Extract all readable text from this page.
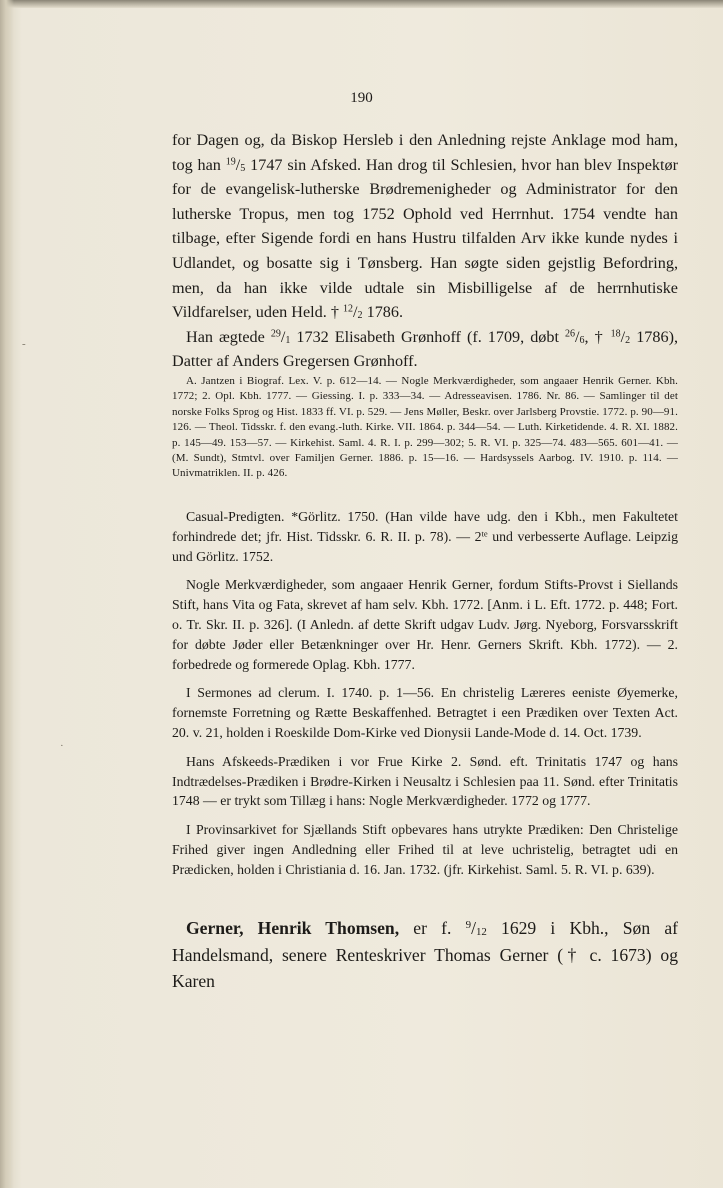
190

for Dagen og, da Biskop Hersleb i den Anledning rejste Anklage mod ham, tog han $^{19}/_5$ 1747 sin Afsked. Han drog til Schlesien, hvor han blev Inspektør for de evangelisk-lutherske Brødremenigheder og Administrator for den lutherske Tropus, men tog 1752 Ophold ved Herrnhut. 1754 vendte han tilbage, efter Sigende fordi en hans Hustru tilfalden Arv ikke kunde nydes i Udlandet, og bosatte sig i Tønsberg. Han søgte siden gejstlig Befordring, men, da han ikke vilde udtale sin Misbilligelse af de herrnhutiske Vildfarelser, uden Held. † $^{12}/_2$ 1786.

Han ægtede $^{29}/_1$ 1732 Elisabeth Grønhoff (f. 1709, døbt $^{26}/_6$, † $^{18}/_2$ 1786), Datter af Anders Gregersen Grønhoff.

A. Jantzen i Biograf. Lex. V. p. 612—14. — Nogle Merkværdigheder, som angaaer Henrik Gerner. Kbh. 1772; 2. Opl. Kbh. 1777. — Giessing. I. p. 333—34. — Adresseavisen. 1786. Nr. 86. — Samlinger til det norske Folks Sprog og Hist. 1833 ff. VI. p. 529. — Jens Møller, Beskr. over Jarlsberg Provstie. 1772. p. 90—91. 126. — Theol. Tidsskr. f. den evang.-luth. Kirke. VII. 1864. p. 344—54. — Luth. Kirketidende. 4. R. XI. 1882. p. 145—49. 153—57. — Kirkehist. Saml. 4. R. I. p. 299—302; 5. R. VI. p. 325—74. 483—565. 601—41. — (M. Sundt), Stmtvl. over Familjen Gerner. 1886. p. 15—16. — Hardsyssels Aarbog. IV. 1910. p. 114. — Univmatriklen. II. p. 426.

Casual-Predigten. *Görlitz. 1750. (Han vilde have udg. den i Kbh., men Fakultetet forhindrede det; jfr. Hist. Tidsskr. 6. R. II. p. 78). — $2^{te}$ und verbesserte Auflage. Leipzig und Görlitz. 1752.

Nogle Merkværdigheder, som angaaer Henrik Gerner, fordum Stifts-Provst i Siellands Stift, hans Vita og Fata, skrevet af ham selv. Kbh. 1772. [Anm. i L. Eft. 1772. p. 448; Fort. o. Tr. Skr. II. p. 326]. (I Anledn. af dette Skrift udgav Ludv. Jørg. Nyeborg, Forsvarsskrift for døbte Jøder eller Betænkninger over Hr. Henr. Gerners Skrift. Kbh. 1772). — 2. forbedrede og formerede Oplag. Kbh. 1777.

I Sermones ad clerum. I. 1740. p. 1—56. En christelig Læreres eeniste Øyemerke, fornemste Forretning og Rætte Beskaffenhed. Betragtet i een Prædiken over Texten Act. 20. v. 21, holden i Roeskilde Dom-Kirke ved Dionysii Lande-Mode d. 14. Oct. 1739.

Hans Afskeeds-Prædiken i vor Frue Kirke 2. Sønd. eft. Trinitatis 1747 og hans Indtrædelses-Prædiken i Brødre-Kirken i Neusaltz i Schlesien paa 11. Sønd. efter Trinitatis 1748 — er trykt som Tillæg i hans: Nogle Merkværdigheder. 1772 og 1777.

I Provinsarkivet for Sjællands Stift opbevares hans utrykte Prædiken: Den Christelige Frihed giver ingen Andledning eller Frihed til at leve uchristelig, betragtet udi en Prædicken, holden i Christiania d. 16. Jan. 1732. (jfr. Kirkehist. Saml. 5. R. VI. p. 639).

Gerner, Henrik Thomsen, er f. $^9/_{12}$ 1629 i Kbh., Søn af Handelsmand, senere Renteskriver Thomas Gerner († c. 1673) og Karen

-
·
